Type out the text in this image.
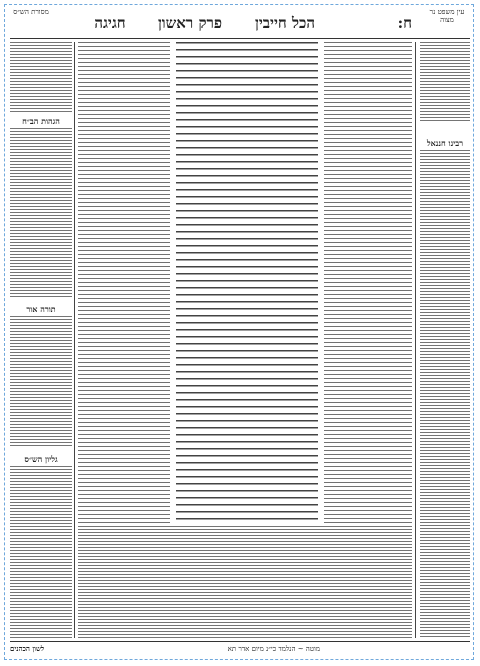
עין משפט נר מצוה
ח:
הכל חייבין
פרק ראשון
חגיגה
מסורת הש״ס
רבינו חננאל
הגהות הב״ח
תורה אור
גליון הש״ס
לשון הכהנים	מוטה ~ הנלמד כי״נ מיום אדר תא
